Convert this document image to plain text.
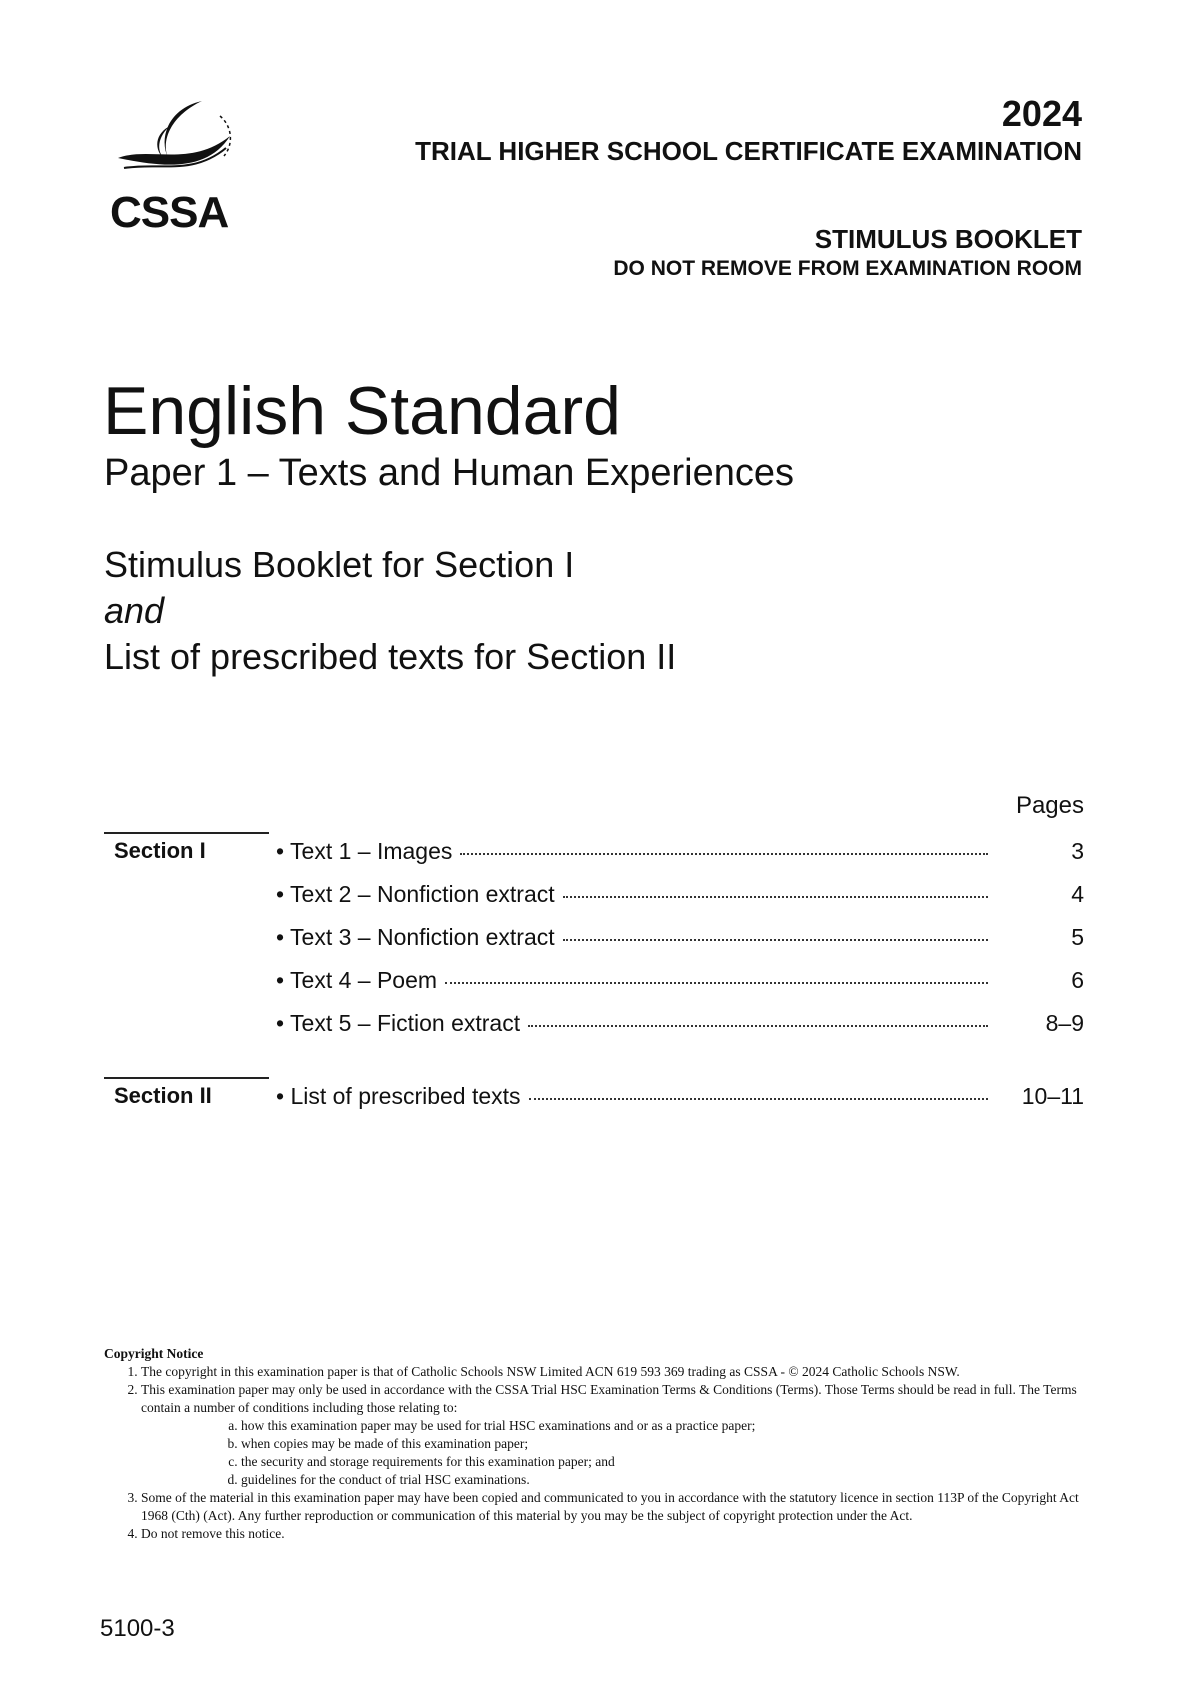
CSSA
2024
TRIAL HIGHER SCHOOL CERTIFICATE EXAMINATION
STIMULUS BOOKLET
DO NOT REMOVE FROM EXAMINATION ROOM
English Standard
Paper 1 – Texts and Human Experiences
Stimulus Booklet for Section I
and
List of prescribed texts for Section II
Pages
Section I	• Text 1 – Images	3
• Text 2 – Nonfiction extract	4
• Text 3 – Nonfiction extract	5
• Text 4 – Poem	6
• Text 5 – Fiction extract	8–9
Section II	• List of prescribed texts	10–11
Copyright Notice
1. The copyright in this examination paper is that of Catholic Schools NSW Limited ACN 619 593 369 trading as CSSA - © 2024 Catholic Schools NSW.
2. This examination paper may only be used in accordance with the CSSA Trial HSC Examination Terms & Conditions (Terms). Those Terms should be read in full. The Terms contain a number of conditions including those relating to:
a. how this examination paper may be used for trial HSC examinations and or as a practice paper;
b. when copies may be made of this examination paper;
c. the security and storage requirements for this examination paper; and
d. guidelines for the conduct of trial HSC examinations.
3. Some of the material in this examination paper may have been copied and communicated to you in accordance with the statutory licence in section 113P of the Copyright Act 1968 (Cth) (Act). Any further reproduction or communication of this material by you may be the subject of copyright protection under the Act.
4. Do not remove this notice.
5100-3
